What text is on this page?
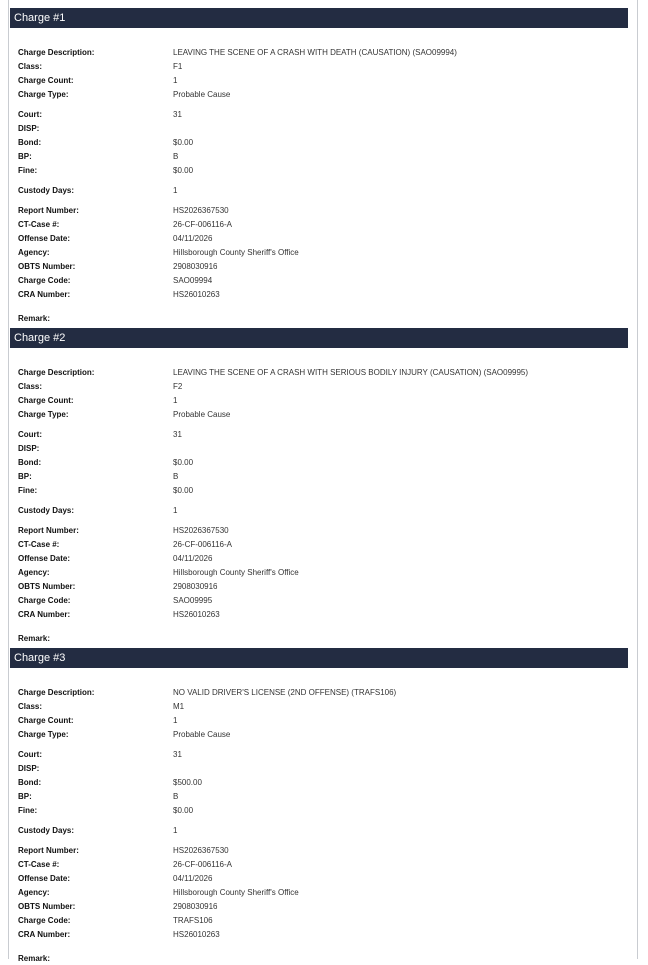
Charge #1
Charge Description:	LEAVING THE SCENE OF A CRASH WITH DEATH (CAUSATION) (SAO09994)
Class:	F1
Charge Count:	1
Charge Type:	Probable Cause
Court:	31
DISP:
Bond:	$0.00
BP:	B
Fine:	$0.00
Custody Days:	1
Report Number:	HS2026367530
CT-Case #:	26-CF-006116-A
Offense Date:	04/11/2026
Agency:	Hillsborough County Sheriff's Office
OBTS Number:	2908030916
Charge Code:	SAO09994
CRA Number:	HS26010263
Remark:
Charge #2
Charge Description:	LEAVING THE SCENE OF A CRASH WITH SERIOUS BODILY INJURY (CAUSATION) (SAO09995)
Class:	F2
Charge Count:	1
Charge Type:	Probable Cause
Court:	31
DISP:
Bond:	$0.00
BP:	B
Fine:	$0.00
Custody Days:	1
Report Number:	HS2026367530
CT-Case #:	26-CF-006116-A
Offense Date:	04/11/2026
Agency:	Hillsborough County Sheriff's Office
OBTS Number:	2908030916
Charge Code:	SAO09995
CRA Number:	HS26010263
Remark:
Charge #3
Charge Description:	NO VALID DRIVER'S LICENSE (2ND OFFENSE) (TRAFS106)
Class:	M1
Charge Count:	1
Charge Type:	Probable Cause
Court:	31
DISP:
Bond:	$500.00
BP:	B
Fine:	$0.00
Custody Days:	1
Report Number:	HS2026367530
CT-Case #:	26-CF-006116-A
Offense Date:	04/11/2026
Agency:	Hillsborough County Sheriff's Office
OBTS Number:	2908030916
Charge Code:	TRAFS106
CRA Number:	HS26010263
Remark:
